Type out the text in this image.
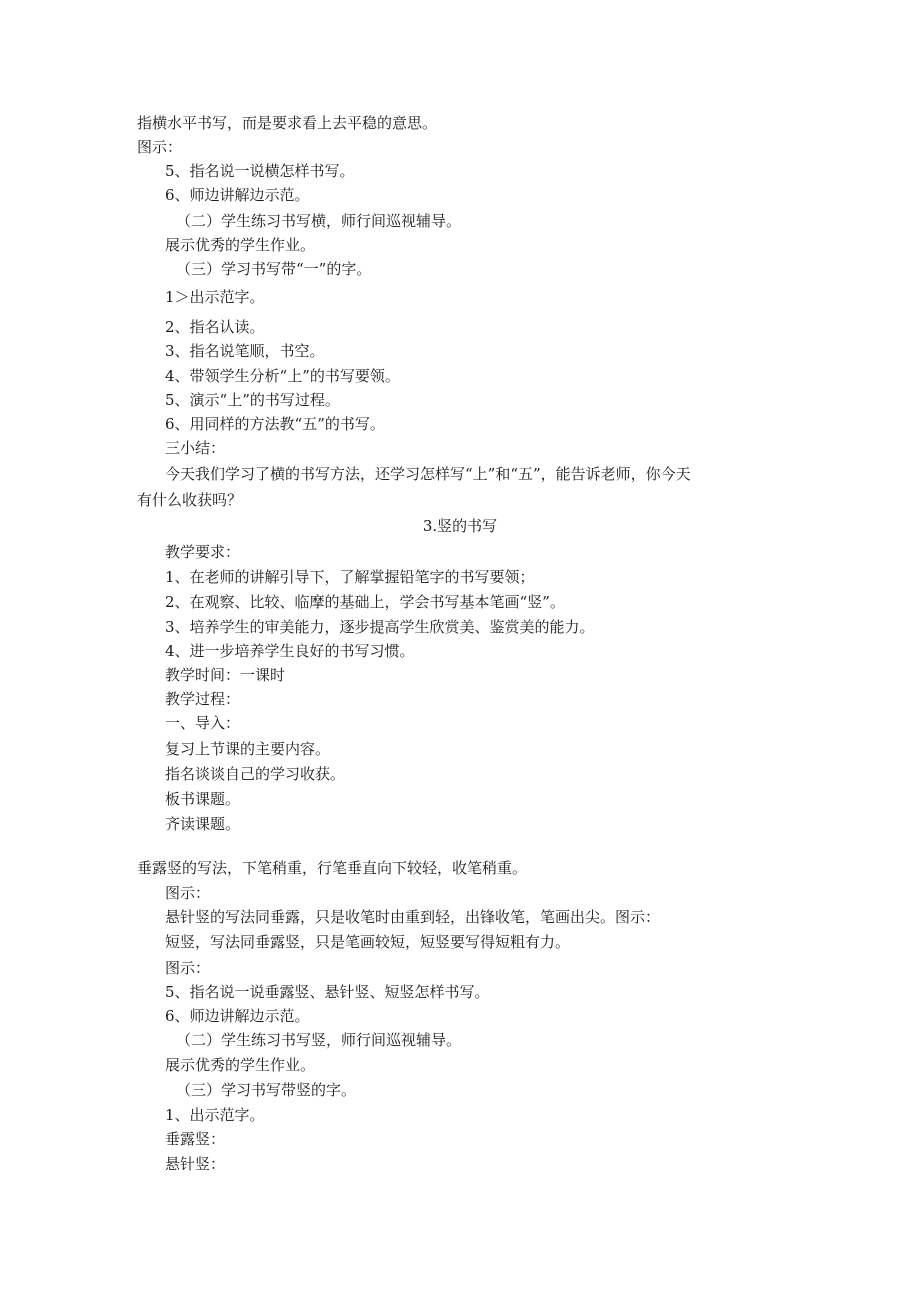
指横水平书写，而是要求看上去平稳的意思。
图示：
5、指名说一说横怎样书写。
6、师边讲解边示范。
（二）学生练习书写横，师行间巡视辅导。
展示优秀的学生作业。
（三）学习书写带“一”的字。
1＞出示范字。
2、指名认读。
3、指名说笔顺，书空。
4、带领学生分析“上”的书写要领。
5、演示“上”的书写过程。
6、用同样的方法教“五”的书写。
三小结：
今天我们学习了横的书写方法，还学习怎样写“上”和“五”，能告诉老师，你今天
有什么收获吗？
3.竖的书写
教学要求：
1、在老师的讲解引导下，了解掌握铅笔字的书写要领；
2、在观察、比较、临摩的基础上，学会书写基本笔画“竖”。
3、培养学生的审美能力，逐步提高学生欣赏美、鉴赏美的能力。
4、进一步培养学生良好的书写习惯。
教学时间：一课时
教学过程：
一、导入：
复习上节课的主要内容。
指名谈谈自己的学习收获。
板书课题。
齐读课题。
垂露竖的写法，下笔稍重，行笔垂直向下较轻，收笔稍重。
图示：
悬针竖的写法同垂露，只是收笔时由重到轻，出锋收笔，笔画出尖。图示：
短竖，写法同垂露竖，只是笔画较短，短竖要写得短粗有力。
图示：
5、指名说一说垂露竖、悬针竖、短竖怎样书写。
6、师边讲解边示范。
（二）学生练习书写竖，师行间巡视辅导。
展示优秀的学生作业。
（三）学习书写带竖的字。
1、出示范字。
垂露竖：
悬针竖：
